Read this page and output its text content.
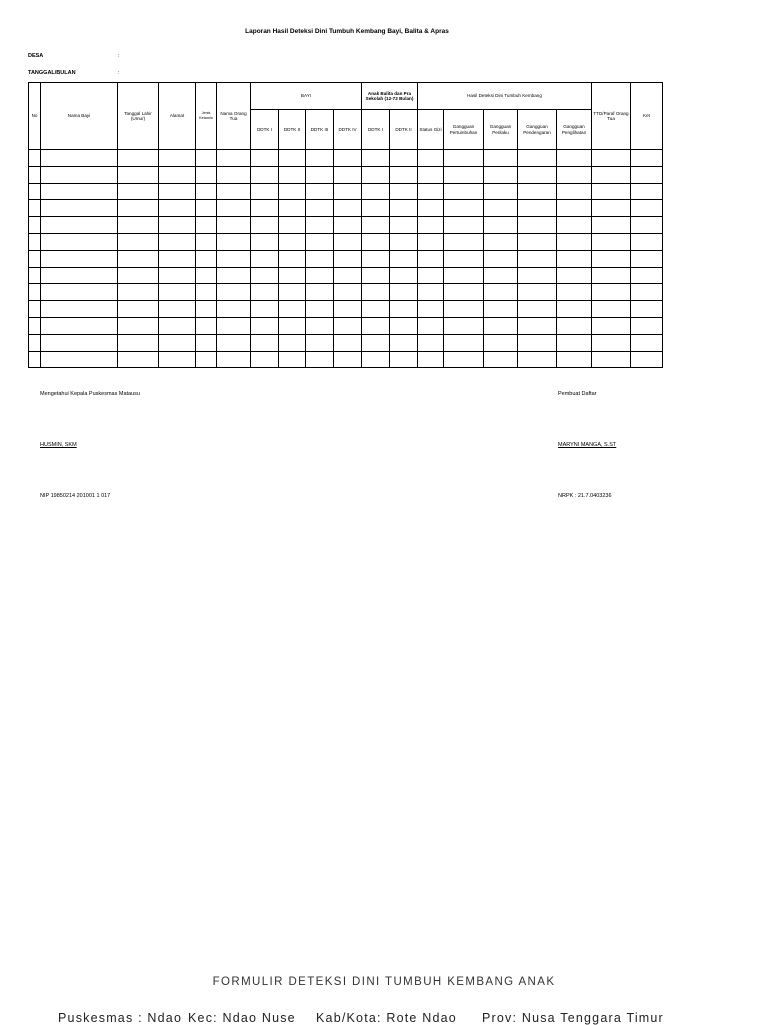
Laporan Hasil Deteksi Dini Tumbuh Kembang Bayi, Balita & Apras
DESA	:
TANGGAL/BULAN	:
No	Nama Bayi	Tanggal Lahir (Umur)	Alamat	Jenis Kelamin	Nama Orang Tua	BAYI				Anak Balita dan Pra Sekolah (12-72 Bulan)		Hasil Deteksi Dini Tumbuh Kembang					TTD/Paraf Orang Tua	Ket
						DDTK I	DDTK II	DDTK III	DDTK IV	DDTK I	DDTK II	Status Gizi	Gangguan Pertumbuhan	Gangguan Perilaku	Gangguan Pendengaran	Gangguan Penglihatan		

Mengetahui Kepala Puskesmas Matausu
HUSMIN, SKM
NIP 19850214 201001 1 017
Pembuat Daftar
MARYNI MANGA, S.ST
NRPK : 21.7.0403236
FORMULIR DETEKSI DINI TUMBUH KEMBANG ANAK
Puskesmas : Ndao Kec: Ndao Nuse Kab/Kota: Rote Ndao Prov: Nusa Tenggara Timur
